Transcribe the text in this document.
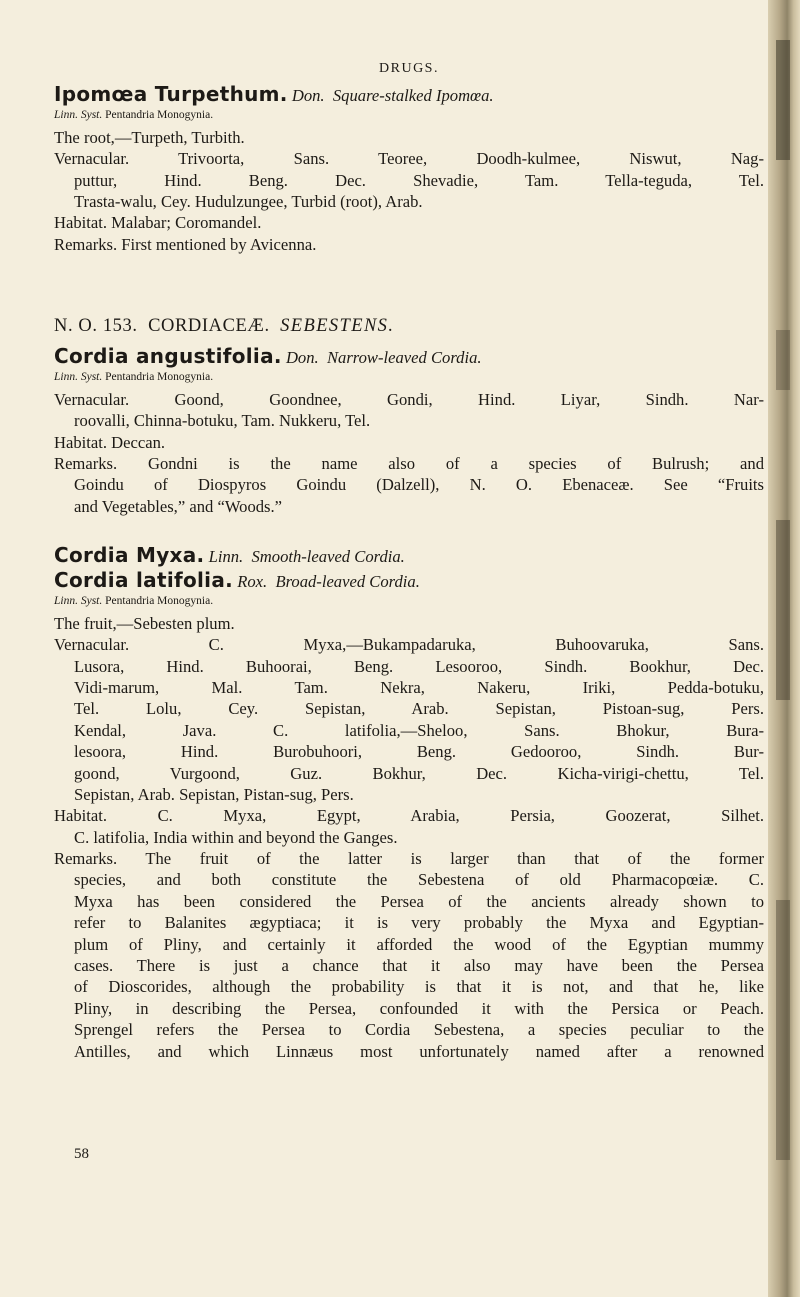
DRUGS.
Ipomœa Turpethum. Don. Square-stalked Ipomœa.
Linn. Syst. Pentandria Monogynia.
The root,—Turpeth, Turbith.
Vernacular. Trivoorta, Sans. Teoree, Doodh-kulmee, Niswut, Nag-
puttur, Hind. Beng. Dec. Shevadie, Tam. Tella-teguda, Tel.
Trasta-walu, Cey. Hudulzungee, Turbid (root), Arab.
Habitat. Malabar; Coromandel.
Remarks. First mentioned by Avicenna.
N. O. 153. CORDIACEÆ. SEBESTENS.
Cordia angustifolia. Don. Narrow-leaved Cordia.
Linn. Syst. Pentandria Monogynia.
Vernacular. Goond, Goondnee, Gondi, Hind. Liyar, Sindh. Nar-
roovalli, Chinna-botuku, Tam. Nukkeru, Tel.
Habitat. Deccan.
Remarks. Gondni is the name also of a species of Bulrush; and
Goindu of Diospyros Goindu (Dalzell), N. O. Ebenaceæ. See “Fruits
and Vegetables,” and “Woods.”
Cordia Myxa. Linn. Smooth-leaved Cordia.
Cordia latifolia. Rox. Broad-leaved Cordia.
Linn. Syst. Pentandria Monogynia.
The fruit,—Sebesten plum.
Vernacular. C. Myxa,—Bukampadaruka, Buhoovaruka, Sans.
Lusora, Hind. Buhoorai, Beng. Lesooroo, Sindh. Bookhur, Dec.
Vidi-marum, Mal. Tam. Nekra, Nakeru, Iriki, Pedda-botuku,
Tel. Lolu, Cey. Sepistan, Arab. Sepistan, Pistoan-sug, Pers.
Kendal, Java. C. latifolia,—Sheloo, Sans. Bhokur, Bura-
lesoora, Hind. Burobuhoori, Beng. Gedooroo, Sindh. Bur-
goond, Vurgoond, Guz. Bokhur, Dec. Kicha-virigi-chettu, Tel.
Sepistan, Arab. Sepistan, Pistan-sug, Pers.
Habitat. C. Myxa, Egypt, Arabia, Persia, Goozerat, Silhet.
C. latifolia, India within and beyond the Ganges.
Remarks. The fruit of the latter is larger than that of the former
species, and both constitute the Sebestena of old Pharmacopœiæ. C.
Myxa has been considered the Persea of the ancients already shown to
refer to Balanites ægyptiaca; it is very probably the Myxa and Egyptian-
plum of Pliny, and certainly it afforded the wood of the Egyptian mummy
cases. There is just a chance that it also may have been the Persea
of Dioscorides, although the probability is that it is not, and that he, like
Pliny, in describing the Persea, confounded it with the Persica or Peach.
Sprengel refers the Persea to Cordia Sebestena, a species peculiar to the
Antilles, and which Linnæus most unfortunately named after a renowned
58
